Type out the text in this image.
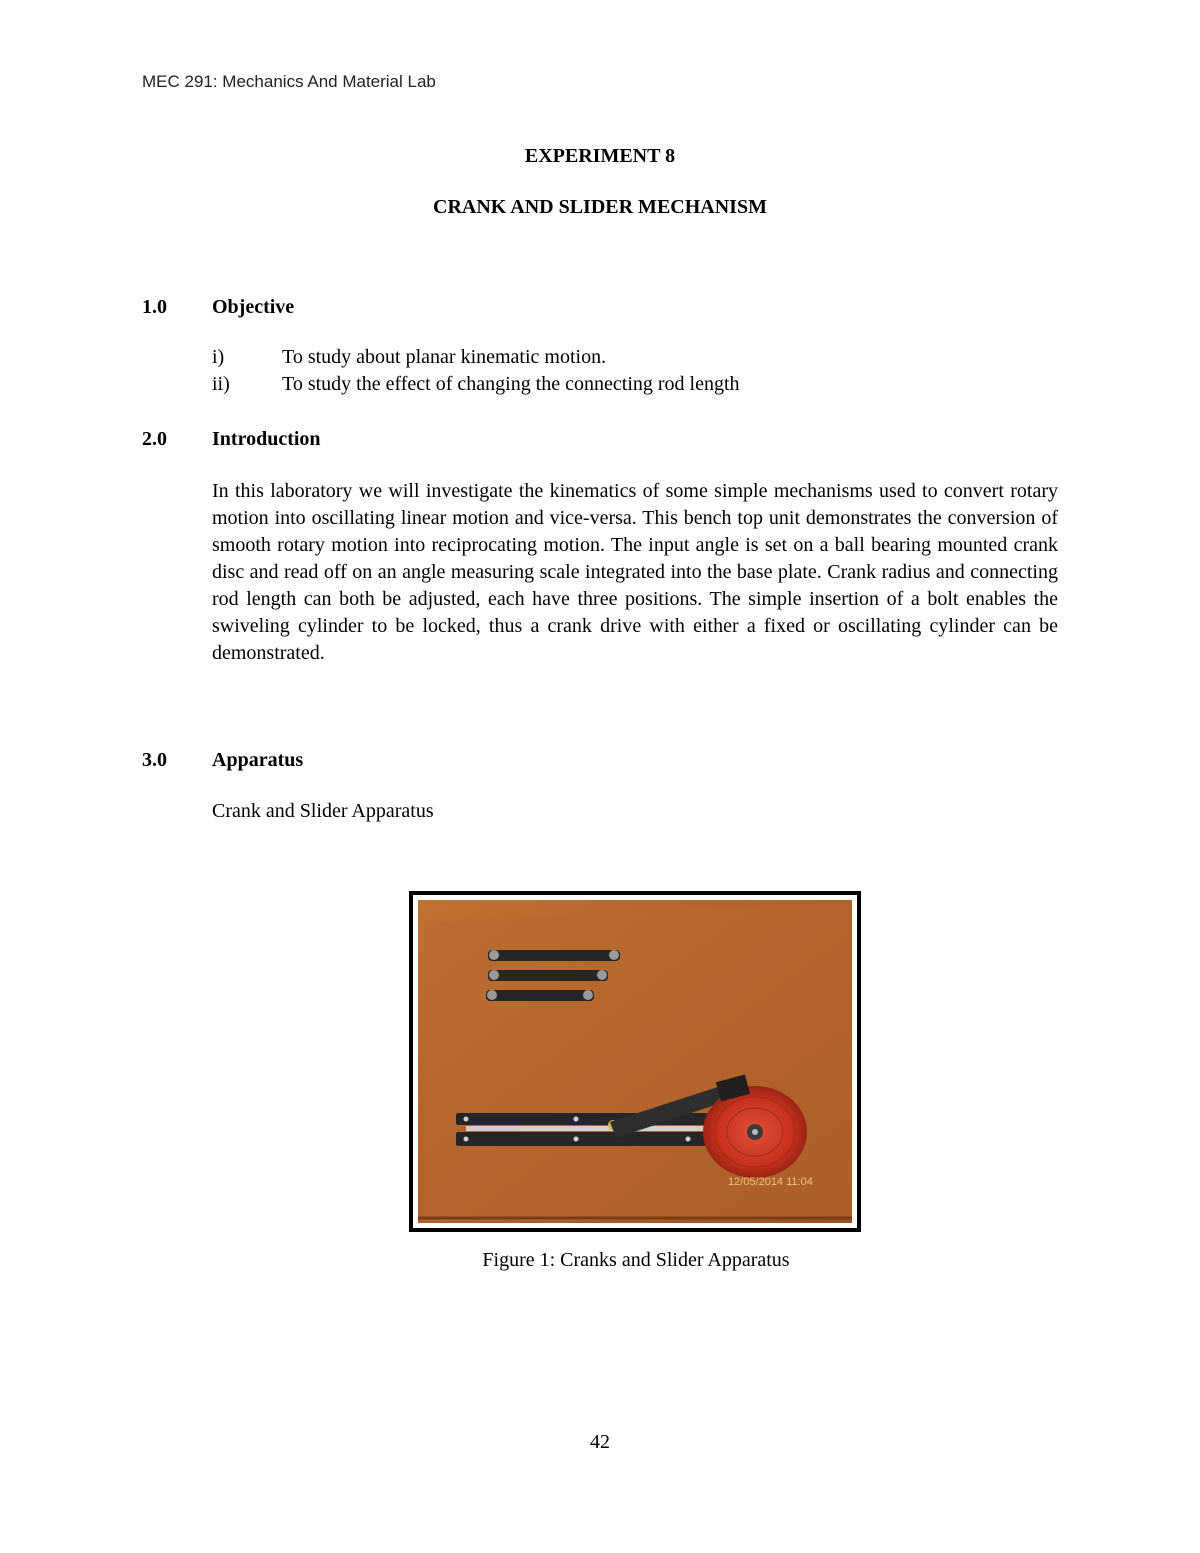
MEC 291: Mechanics And Material Lab
EXPERIMENT 8
CRANK AND SLIDER MECHANISM
1.0 Objective
i)	To study about planar kinematic motion.
ii)	To study the effect of changing the connecting rod length
2.0 Introduction
In this laboratory we will investigate the kinematics of some simple mechanisms used to convert rotary motion into oscillating linear motion and vice-versa. This bench top unit demonstrates the conversion of smooth rotary motion into reciprocating motion. The input angle is set on a ball bearing mounted crank disc and read off on an angle measuring scale integrated into the base plate. Crank radius and connecting rod length can both be adjusted, each have three positions. The simple insertion of a bolt enables the swiveling cylinder to be locked, thus a crank drive with either a fixed or oscillating cylinder can be demonstrated.
3.0 Apparatus
Crank and Slider Apparatus
12/05/2014 11:04
Figure 1: Cranks and Slider Apparatus
42
